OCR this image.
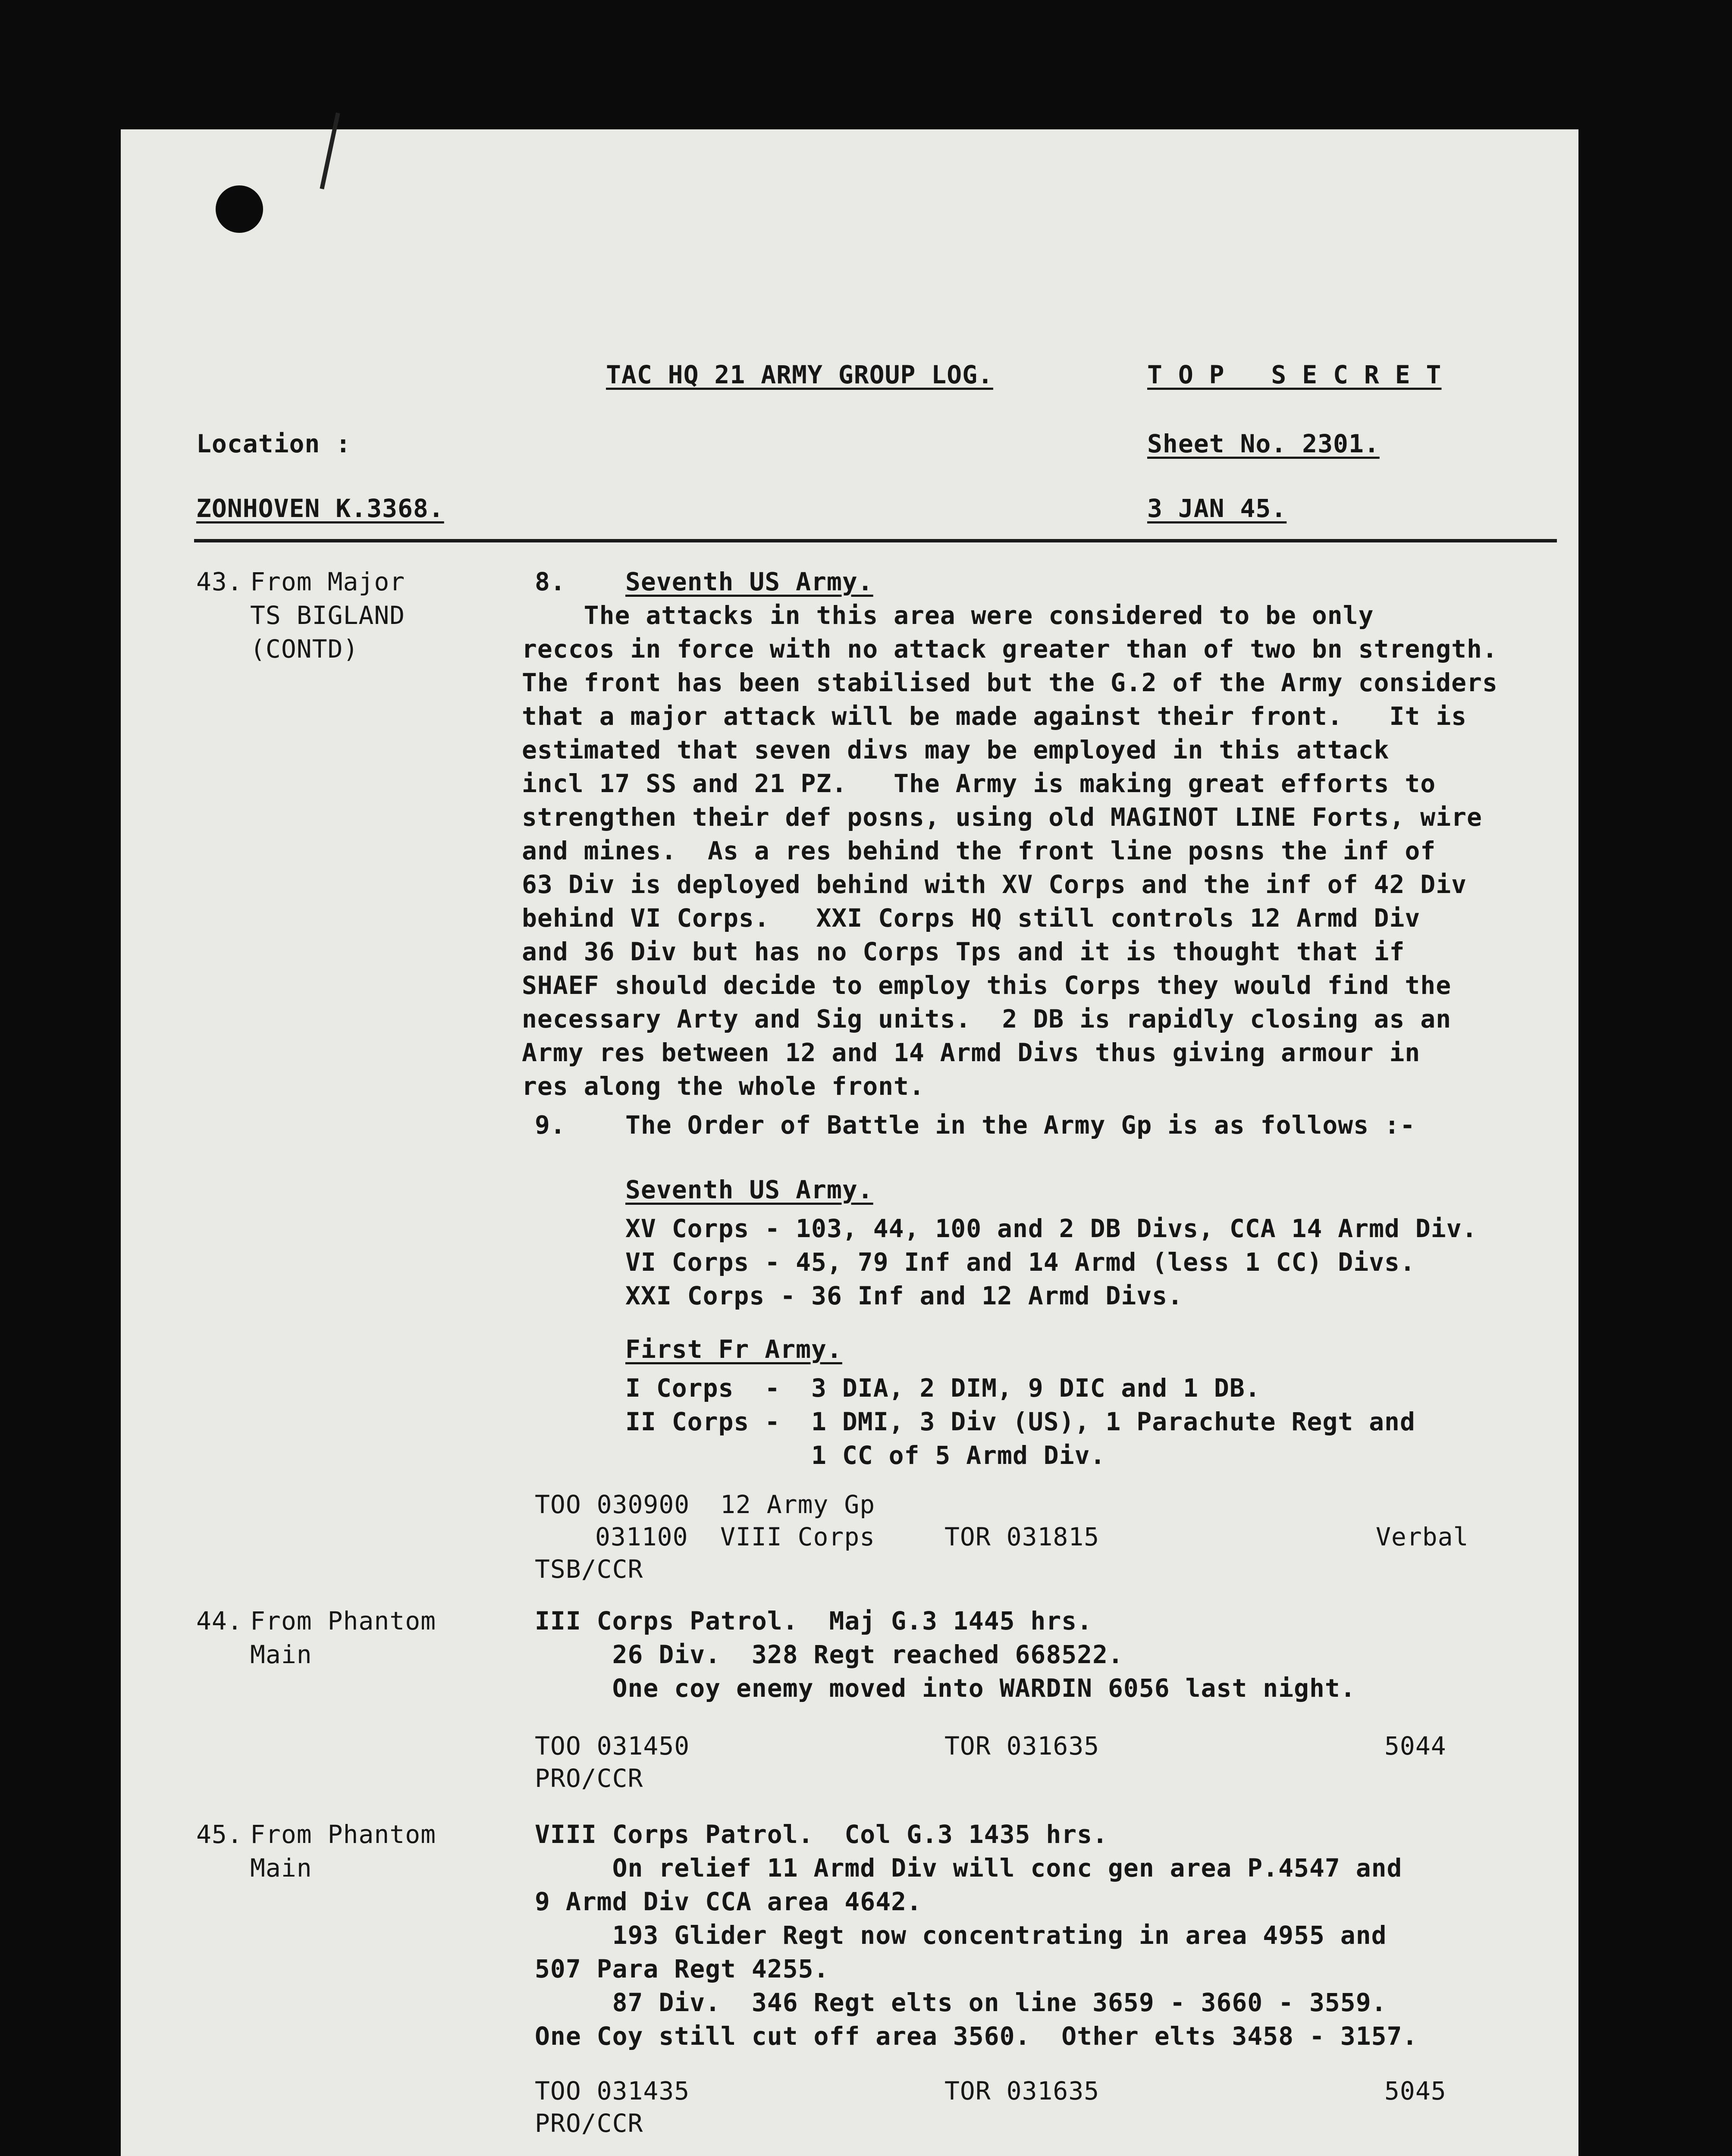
TAC HQ 21 ARMY GROUP LOG.	T O P   S E C R E T
Location :	Sheet No. 2301.
ZONHOVEN K.3368.	3 JAN 45.
43. From Major
TS BIGLAND
(CONTD)
8. Seventh US Army.
The attacks in this area were considered to be only
reccos in force with no attack greater than of two bn strength.
The front has been stabilised but the G.2 of the Army considers
that a major attack will be made against their front.   It is
estimated that seven divs may be employed in this attack
incl 17 SS and 21 PZ.   The Army is making great efforts to
strengthen their def posns, using old MAGINOT LINE Forts, wire
and mines.  As a res behind the front line posns the inf of
63 Div is deployed behind with XV Corps and the inf of 42 Div
behind VI Corps.   XXI Corps HQ still controls 12 Armd Div
and 36 Div but has no Corps Tps and it is thought that if
SHAEF should decide to employ this Corps they would find the
necessary Arty and Sig units.  2 DB is rapidly closing as an
Army res between 12 and 14 Armd Divs thus giving armour in
res along the whole front.
9. The Order of Battle in the Army Gp is as follows :-
Seventh US Army.
XV Corps - 103, 44, 100 and 2 DB Divs, CCA 14 Armd Div.
VI Corps - 45, 79 Inf and 14 Armd (less 1 CC) Divs.
XXI Corps - 36 Inf and 12 Armd Divs.
First Fr Army.
I Corps  -  3 DIA, 2 DIM, 9 DIC and 1 DB.
II Corps -  1 DMI, 3 Div (US), 1 Parachute Regt and
1 CC of 5 Armd Div.
TOO 030900 12 Army Gp
031100 VIII Corps	TOR 031815	Verbal
TSB/CCR
44. From Phantom
Main
III Corps Patrol.  Maj G.3 1445 hrs.
26 Div.  328 Regt reached 668522.
One coy enemy moved into WARDIN 6056 last night.
TOO 031450	TOR 031635	5044
PRO/CCR
45. From Phantom
Main
VIII Corps Patrol.  Col G.3 1435 hrs.
On relief 11 Armd Div will conc gen area P.4547 and
9 Armd Div CCA area 4642.
193 Glider Regt now concentrating in area 4955 and
507 Para Regt 4255.
87 Div.  346 Regt elts on line 3659 - 3660 - 3559.
One Coy still cut off area 3560.  Other elts 3458 - 3157.
TOO 031435	TOR 031635	5045
PRO/CCR
